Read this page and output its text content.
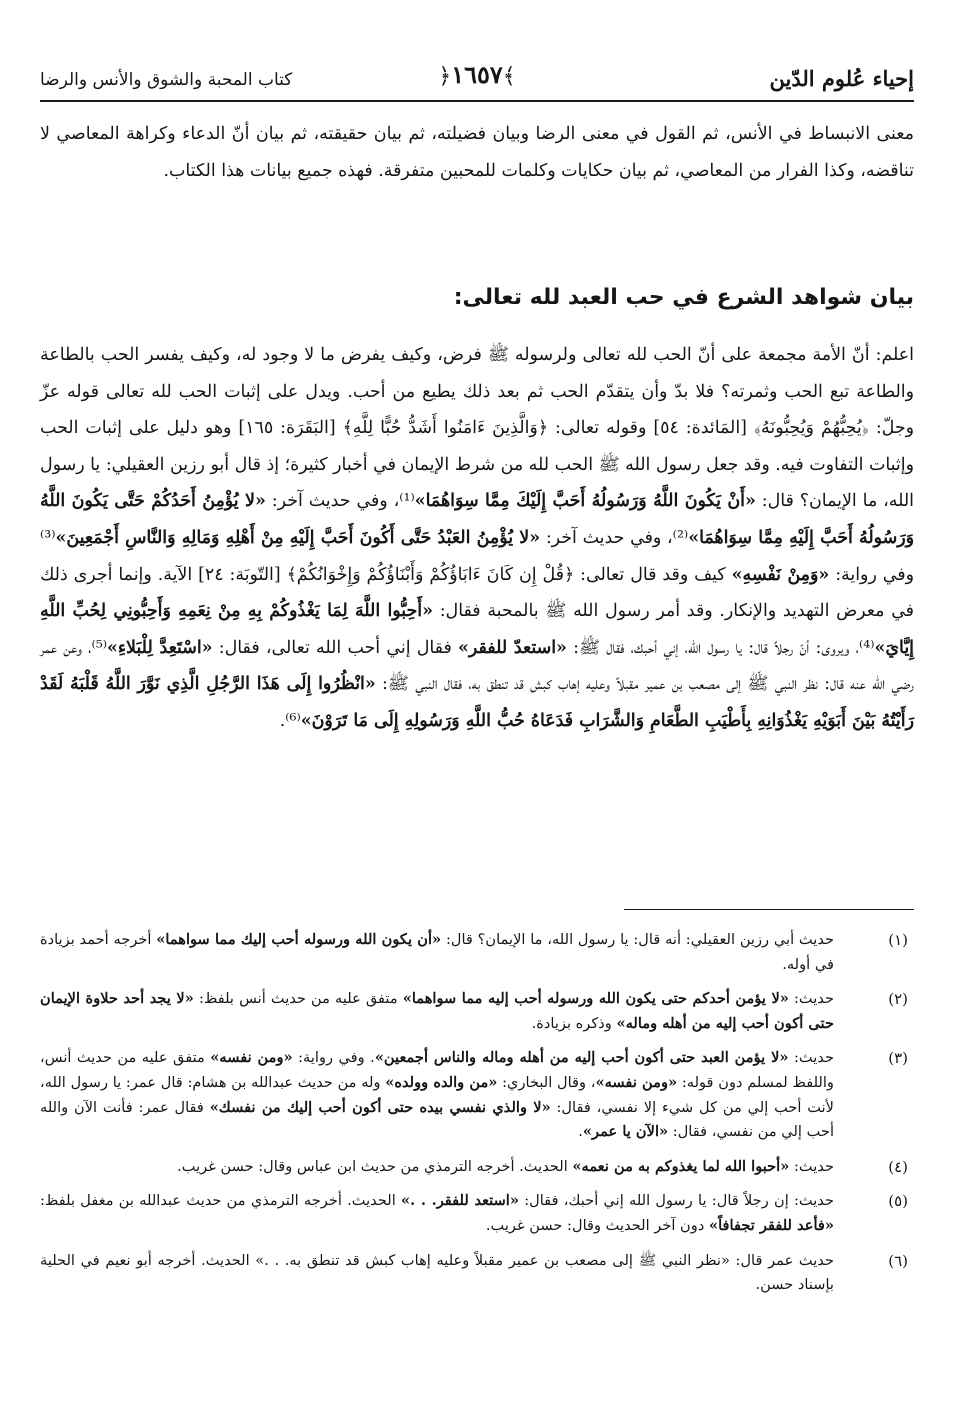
إحياء عُلوم الدّين
﴾١٦٥٧﴿
كتاب المحبة والشوق والأنس والرضا
معنى الانبساط في الأنس، ثم القول في معنى الرضا وبيان فضيلته، ثم بيان حقيقته، ثم بيان أنّ الدعاء وكراهة المعاصي لا تناقضه، وكذا الفرار من المعاصي، ثم بيان حكايات وكلمات للمحبين متفرقة. فهذه جميع بيانات هذا الكتاب.
بيان شواهد الشرع في حب العبد لله تعالى:
اعلم: أنّ الأمة مجمعة على أنّ الحب لله تعالى ولرسوله ﷺ فرض، وكيف يفرض ما لا وجود له، وكيف يفسر الحب بالطاعة والطاعة تبع الحب وثمرته؟ فلا بدّ وأن يتقدّم الحب ثم بعد ذلك يطيع من أحب. ويدل على إثبات الحب لله تعالى قوله عزّ وجلّ: ﴿يُحِبُّهُمْ وَيُحِبُّونَهُ﴾ [المَائدة: ٥٤] وقوله تعالى: ﴿وَالَّذِينَ ءَامَنُوا أَشَدُّ حُبًّا لِلَّهِ﴾ [البَقَرَة: ١٦٥] وهو دليل على إثبات الحب وإثبات التفاوت فيه. وقد جعل رسول الله ﷺ الحب لله من شرط الإيمان في أخبار كثيرة؛ إذ قال أبو رزين العقيلي: يا رسول الله، ما الإيمان؟ قال: «أَنْ يَكُونَ اللَّهُ وَرَسُولُهُ أَحَبَّ إِلَيْكَ مِمَّا سِوَاهُمَا»⁽¹⁾، وفي حديث آخر: «لا يُؤْمِنُ أَحَدُكُمْ حَتَّى يَكُونَ اللَّهُ وَرَسُولُهُ أَحَبَّ إِلَيْهِ مِمَّا سِوَاهُمَا»⁽²⁾، وفي حديث آخر: «لا يُؤْمِنُ العَبْدُ حَتَّى أَكُونَ أَحَبَّ إِلَيْهِ مِنْ أَهْلِهِ وَمَالِهِ وَالنَّاسِ أَجْمَعِينَ»⁽³⁾ وفي رواية: «وَمِنْ نَفْسِهِ» كيف وقد قال تعالى: ﴿قُلْ إِن كَانَ ءَابَاؤُكُمْ وَأَبْنَاؤُكُمْ وَإِخْوَانُكُمْ﴾ [التّوبَة: ٢٤] الآية. وإنما أجرى ذلك في معرض التهديد والإنكار. وقد أمر رسول الله ﷺ بالمحبة فقال: «أَحِبُّوا اللَّهَ لِمَا يَغْذُوكُمْ بِهِ مِنْ نِعَمِهِ وَأَحِبُّونِي لِحُبِّ اللَّهِ إِيَّايَ»⁽⁴⁾، ويروى: أنّ رجلاً قال: يا رسول الله، إني أحبك، فقال ﷺ: «استعدّ للفقر» فقال إني أحب الله تعالى، فقال: «اسْتَعِدَّ لِلْبَلاءِ»⁽⁵⁾، وعن عمر رضي الله عنه قال: نظر النبي ﷺ إلى مصعب بن عمير مقبلاً وعليه إهاب كبش قد تنطق به، فقال النبي ﷺ: «انْظُرُوا إِلَى هَذَا الرَّجُلِ الَّذِي نَوَّرَ اللَّهُ قَلْبَهُ لَقَدْ رَأَيْتُهُ بَيْنَ أَبَوَيْهِ يَغْذُوَانِهِ بِأَطْيَبِ الطَّعَامِ وَالشَّرَابِ فَدَعَاهُ حُبُّ اللَّهِ وَرَسُولِهِ إِلَى مَا تَرَوْنَ»⁽⁶⁾.
(١)
حديث أبي رزين العقيلي: أنه قال: يا رسول الله، ما الإيمان؟ قال: «أن يكون الله ورسوله أحب إليك مما سواهما» أخرجه أحمد بزيادة في أوله.
(٢)
حديث: «لا يؤمن أحدكم حتى يكون الله ورسوله أحب إليه مما سواهما» متفق عليه من حديث أنس بلفظ: «لا يجد أحد حلاوة الإيمان حتى أكون أحب إليه من أهله وماله» وذكره بزيادة.
(٣)
حديث: «لا يؤمن العبد حتى أكون أحب إليه من أهله وماله والناس أجمعين». وفي رواية: «ومن نفسه» متفق عليه من حديث أنس، واللفظ لمسلم دون قوله: «ومن نفسه»، وقال البخاري: «من والده وولده» وله من حديث عبدالله بن هشام: قال عمر: يا رسول الله، لأنت أحب إلي من كل شيء إلا نفسي، فقال: «لا والذي نفسي بيده حتى أكون أحب إليك من نفسك» فقال عمر: فأنت الآن والله أحب إلي من نفسي، فقال: «الآن يا عمر».
(٤)
حديث: «أحبوا الله لما يغذوكم به من نعمه» الحديث. أخرجه الترمذي من حديث ابن عباس وقال: حسن غريب.
(٥)
حديث: إن رجلاً قال: يا رسول الله إني أحبك، فقال: «استعد للفقر. . .» الحديث. أخرجه الترمذي من حديث عبدالله بن مغفل بلفظ: «فأعد للفقر تجفافاً» دون آخر الحديث وقال: حسن غريب.
(٦)
حديث عمر قال: «نظر النبي ﷺ إلى مصعب بن عمير مقبلاً وعليه إهاب كبش قد تنطق به. . .» الحديث. أخرجه أبو نعيم في الحلية بإسناد حسن.
